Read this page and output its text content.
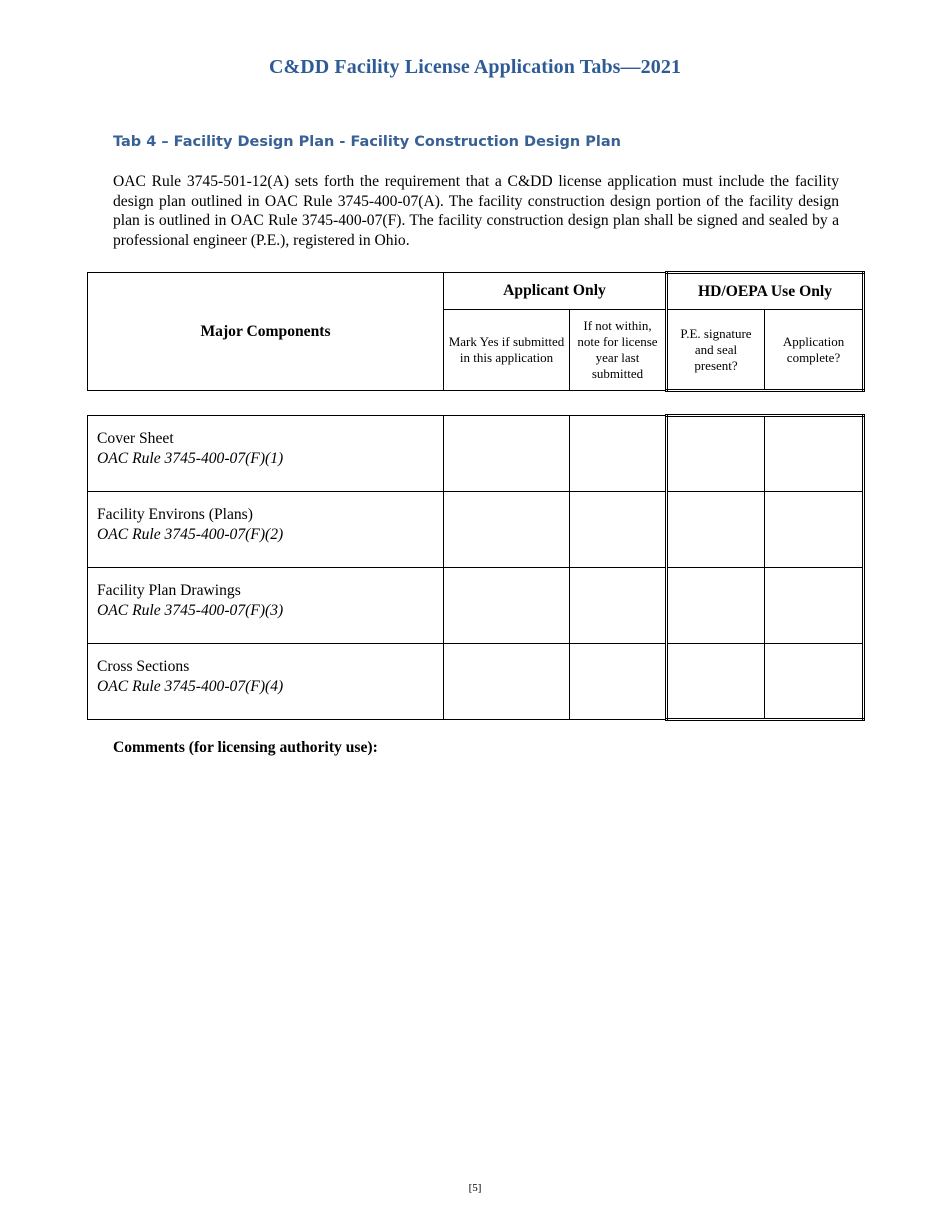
C&DD Facility License Application Tabs—2021
Tab 4 – Facility Design Plan - Facility Construction Design Plan
OAC Rule 3745-501-12(A) sets forth the requirement that a C&DD license application must include the facility design plan outlined in OAC Rule 3745-400-07(A). The facility construction design portion of the facility design plan is outlined in OAC Rule 3745-400-07(F). The facility construction design plan shall be signed and sealed by a professional engineer (P.E.), registered in Ohio.
Major Components	Applicant Only		HD/OEPA Use Only	
	Mark Yes if submitted in this application	If not within, note for license year last submitted	P.E. signature and seal present?	Application complete?
Cover Sheet
OAC Rule 3745-400-07(F)(1)				

Facility Environs (Plans)
OAC Rule 3745-400-07(F)(2)				

Facility Plan Drawings
OAC Rule 3745-400-07(F)(3)				

Cross Sections
OAC Rule 3745-400-07(F)(4)				

Comments (for licensing authority use):
[5]
